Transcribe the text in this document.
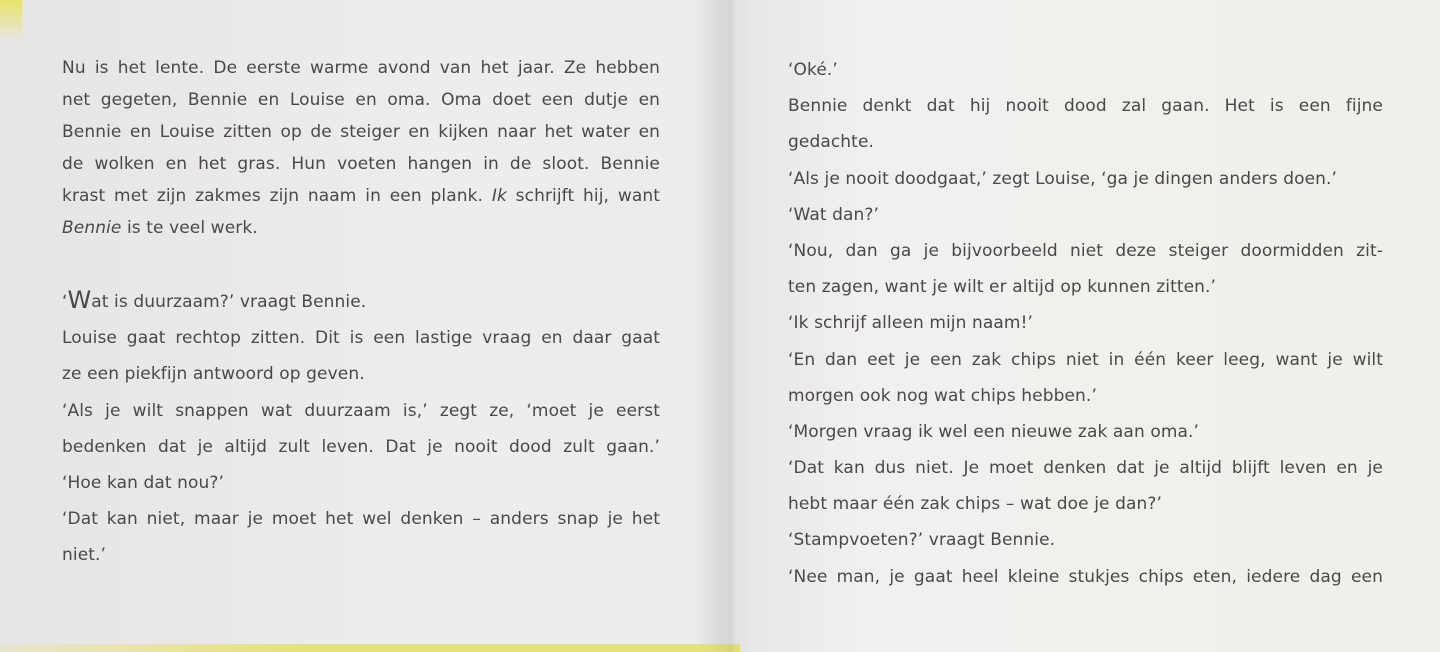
Nu is het lente. De eerste warme avond van het jaar. Ze hebben
net gegeten, Bennie en Louise en oma. Oma doet een dutje en
Bennie en Louise zitten op de steiger en kijken naar het water en
de wolken en het gras. Hun voeten hangen in de sloot. Bennie
krast met zijn zakmes zijn naam in een plank. Ik schrijft hij, want
Bennie is te veel werk.
‘Wat is duurzaam?’ vraagt Bennie.
Louise gaat rechtop zitten. Dit is een lastige vraag en daar gaat
ze een piekfijn antwoord op geven.
‘Als je wilt snappen wat duurzaam is,’ zegt ze, ‘moet je eerst
bedenken dat je altijd zult leven. Dat je nooit dood zult gaan.’
‘Hoe kan dat nou?’
‘Dat kan niet, maar je moet het wel denken – anders snap je het
niet.’
‘Oké.’
Bennie denkt dat hij nooit dood zal gaan. Het is een fijne
gedachte.
‘Als je nooit doodgaat,’ zegt Louise, ‘ga je dingen anders doen.’
‘Wat dan?’
‘Nou, dan ga je bijvoorbeeld niet deze steiger doormidden zit-
ten zagen, want je wilt er altijd op kunnen zitten.’
‘Ik schrijf alleen mijn naam!’
‘En dan eet je een zak chips niet in één keer leeg, want je wilt
morgen ook nog wat chips hebben.’
‘Morgen vraag ik wel een nieuwe zak aan oma.’
‘Dat kan dus niet. Je moet denken dat je altijd blijft leven en je
hebt maar één zak chips – wat doe je dan?’
‘Stampvoeten?’ vraagt Bennie.
‘Nee man, je gaat heel kleine stukjes chips eten, iedere dag een
